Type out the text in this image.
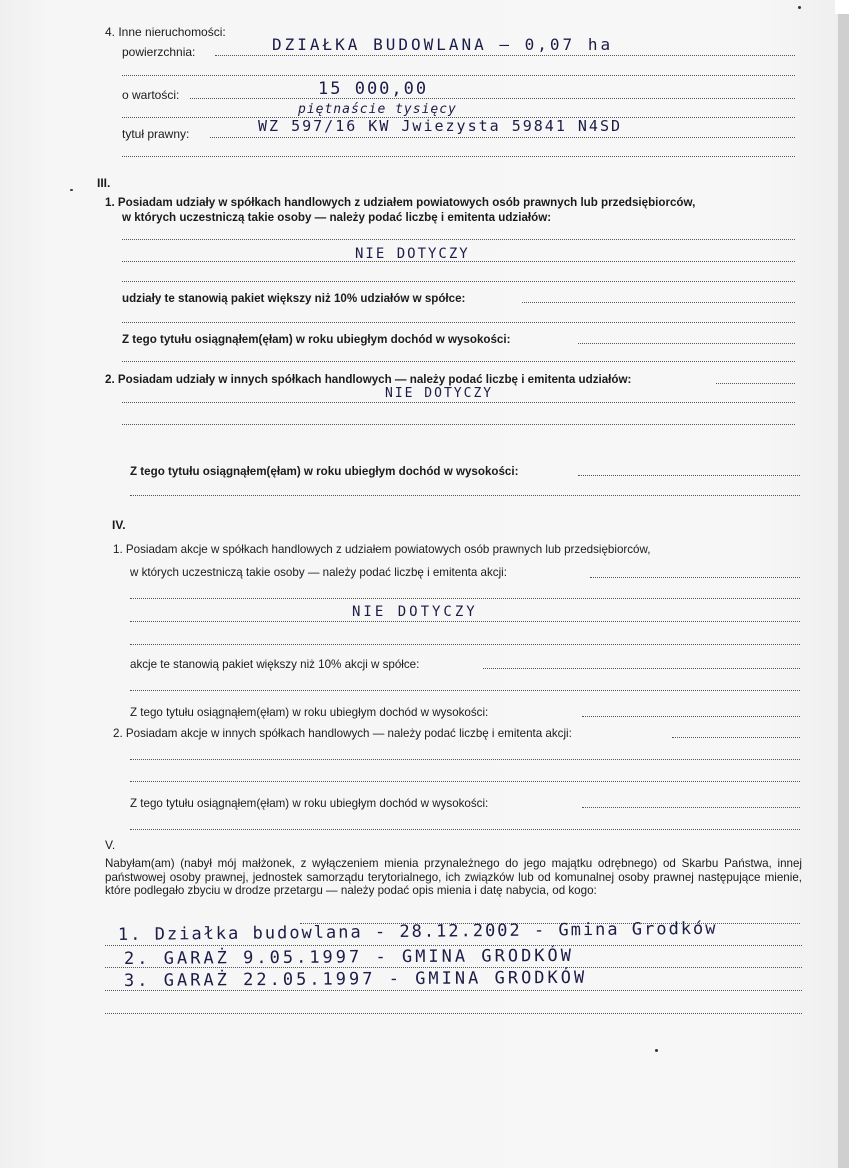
4. Inne nieruchomości:
powierzchnia:	DZIAŁKA BUDOWLANA — 0,07 ha
o wartości:	15 000,00
piętnaście tysięcy
tytuł prawny:	WZ 597/16 KW Jwiezysta 59841 N4SD
III.
1. Posiadam udziały w spółkach handlowych z udziałem powiatowych osób prawnych lub przedsiębiorców,
w których uczestniczą takie osoby — należy podać liczbę i emitenta udziałów:
NIE DOTYCZY
udziały te stanowią pakiet większy niż 10% udziałów w spółce:
Z tego tytułu osiągnąłem(ęłam) w roku ubiegłym dochód w wysokości:
2. Posiadam udziały w innych spółkach handlowych — należy podać liczbę i emitenta udziałów:
NIE DOTYCZY
Z tego tytułu osiągnąłem(ęłam) w roku ubiegłym dochód w wysokości:
IV.
1. Posiadam akcje w spółkach handlowych z udziałem powiatowych osób prawnych lub przedsiębiorców,
w których uczestniczą takie osoby — należy podać liczbę i emitenta akcji:
NIE DOTYCZY
akcje te stanowią pakiet większy niż 10% akcji w spółce:
Z tego tytułu osiągnąłem(ęłam) w roku ubiegłym dochód w wysokości:
2. Posiadam akcje w innych spółkach handlowych — należy podać liczbę i emitenta akcji:
Z tego tytułu osiągnąłem(ęłam) w roku ubiegłym dochód w wysokości:
V.
Nabyłam(am) (nabył mój małżonek, z wyłączeniem mienia przynależnego do jego majątku odrębnego) od Skarbu Państwa, innej państwowej osoby prawnej, jednostek samorządu terytorialnego, ich związków lub od komunalnej osoby prawnej następujące mienie, które podlegało zbyciu w drodze przetargu — należy podać opis mienia i datę nabycia, od kogo:
1. Działka budowlana - 28.12.2002 - Gmina Grodków
2. GARAŻ 9.05.1997 - GMINA GRODKÓW
3. GARAŻ 22.05.1997 - GMINA GRODKÓW
